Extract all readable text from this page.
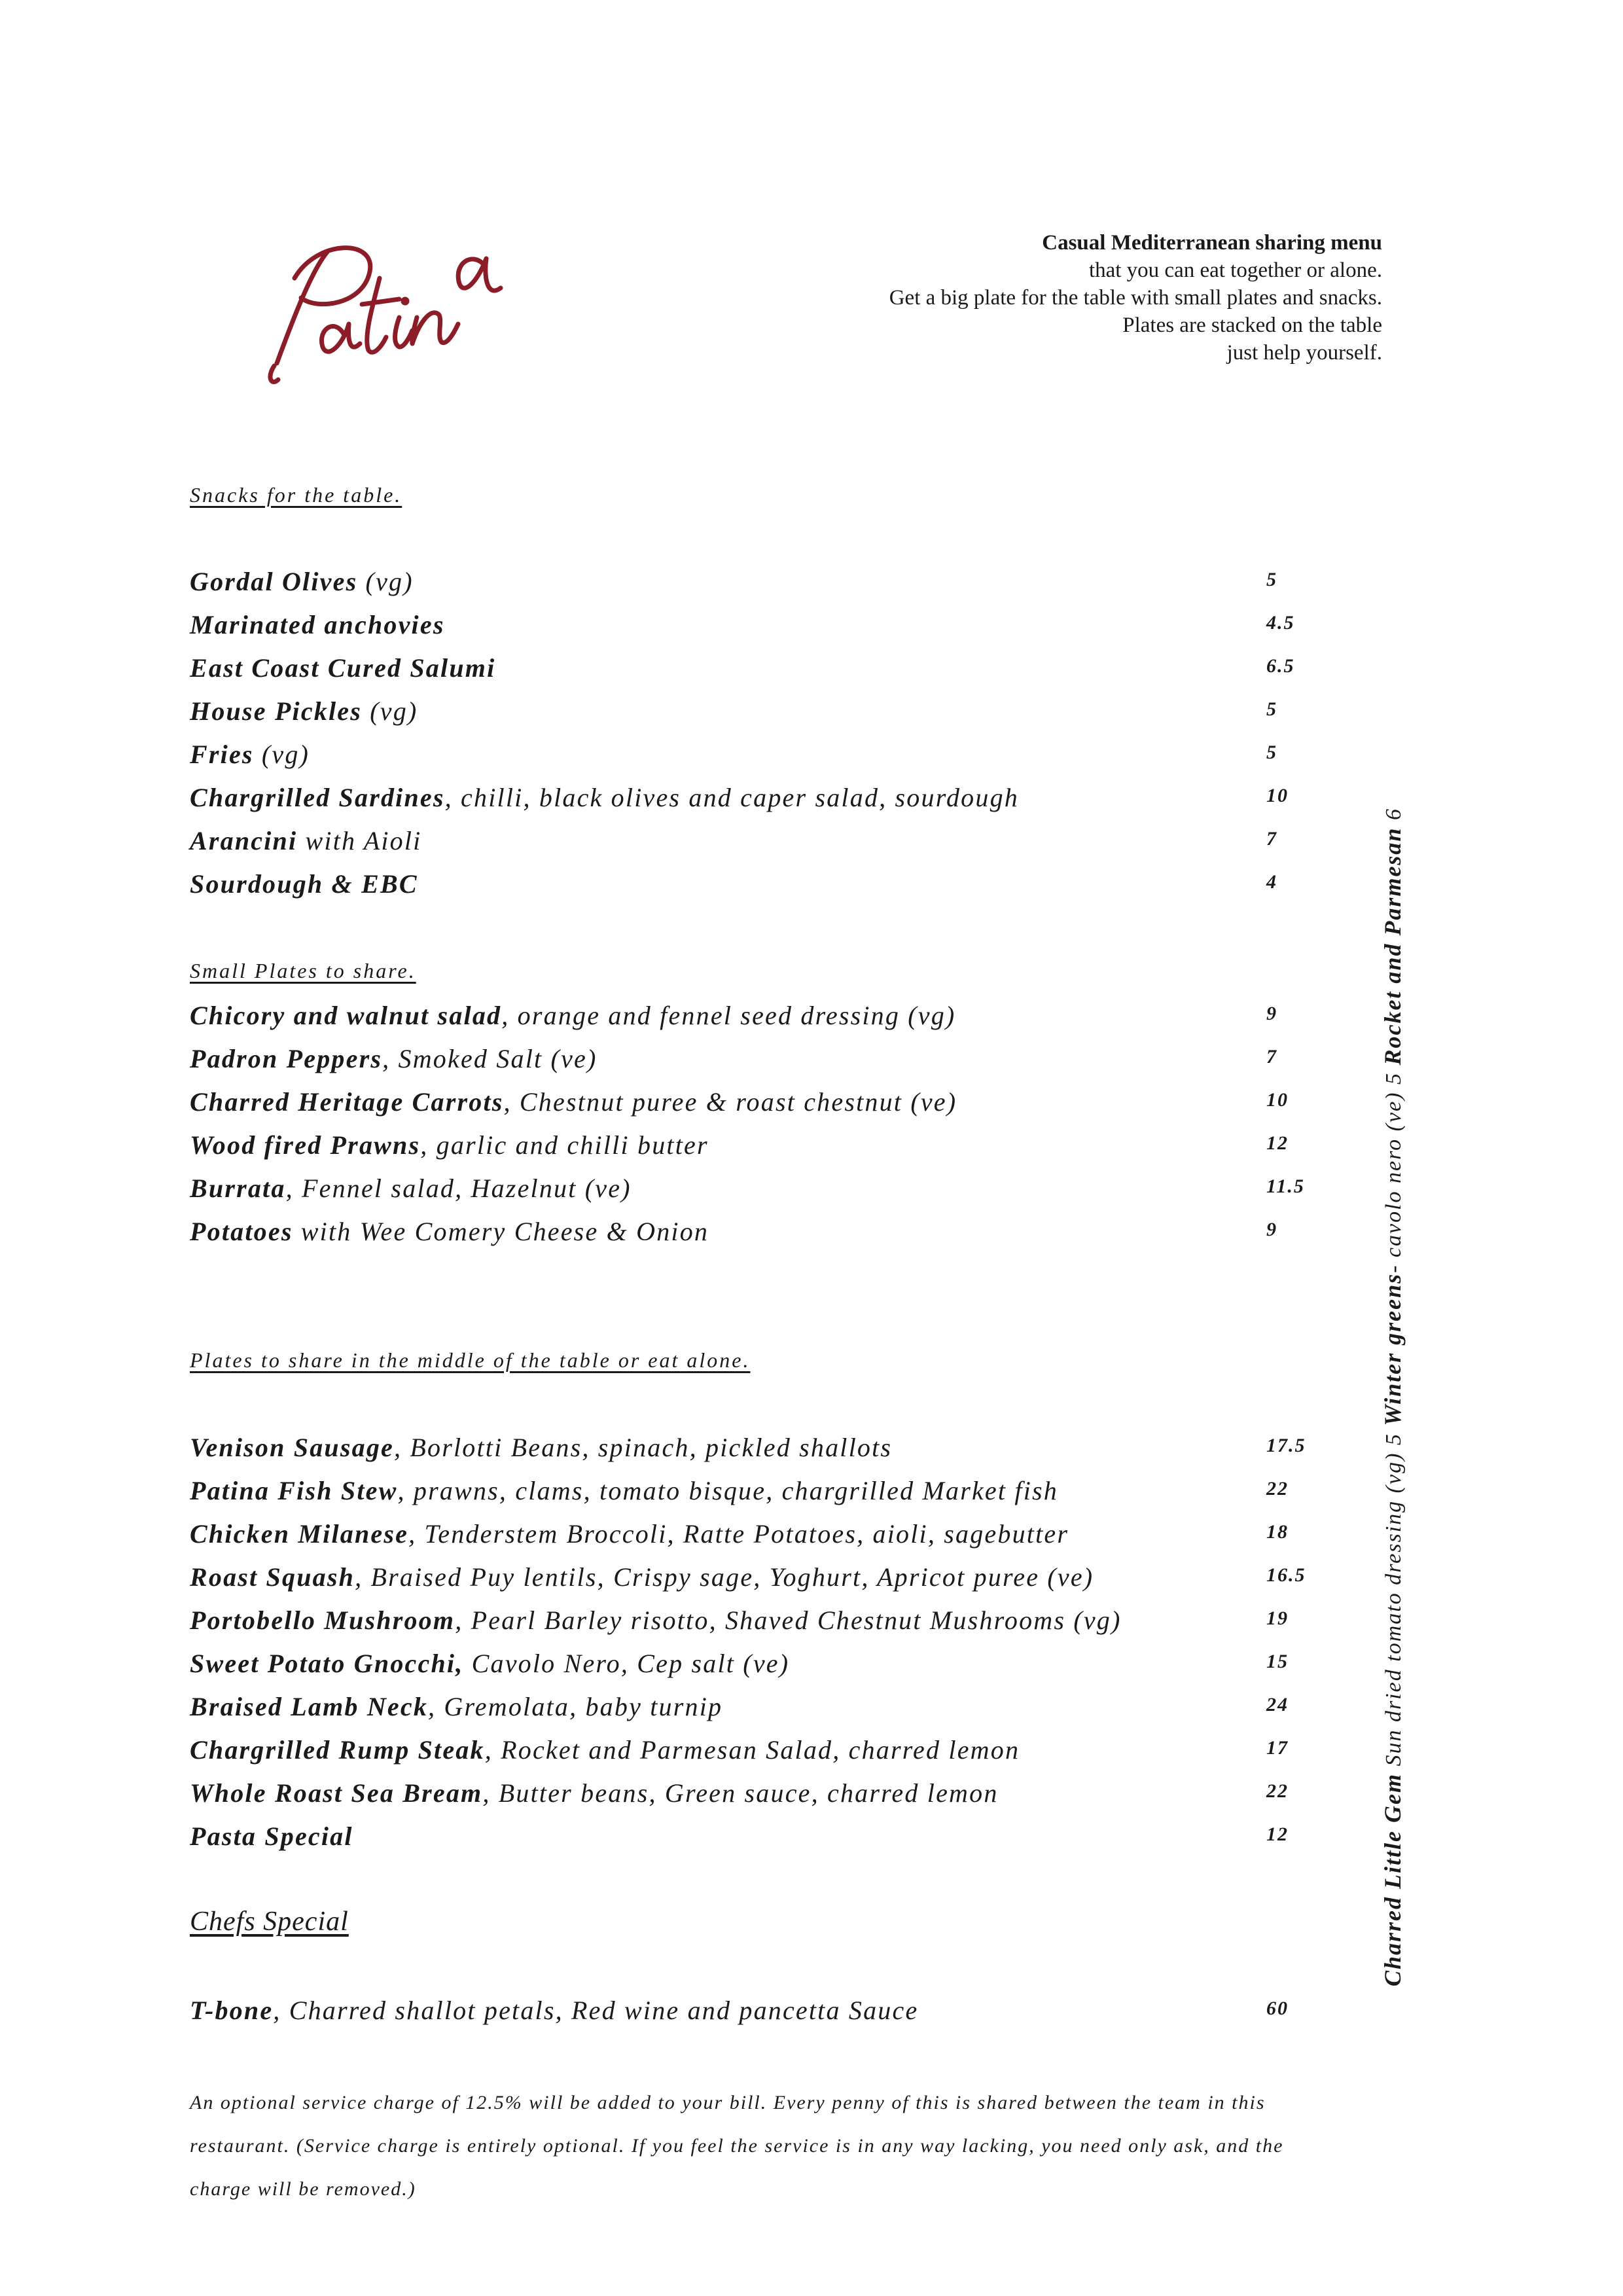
Casual Mediterranean sharing menu
that you can eat together or alone.
Get a big plate for the table with small plates and snacks.
Plates are stacked on the table
just help yourself.
Snacks for the table.
Gordal Olives (vg)	5
Marinated anchovies	4.5
East Coast Cured Salumi	6.5
House Pickles (vg)	5
Fries (vg)	5
Chargrilled Sardines, chilli, black olives and caper salad, sourdough	10
Arancini with Aioli	7
Sourdough & EBC	4
Small Plates to share.
Chicory and walnut salad, orange and fennel seed dressing (vg)	9
Padron Peppers, Smoked Salt (ve)	7
Charred Heritage Carrots, Chestnut puree & roast chestnut (ve)	10
Wood fired Prawns, garlic and chilli butter	12
Burrata, Fennel salad, Hazelnut (ve)	11.5
Potatoes with Wee Comery Cheese & Onion	9
Plates to share in the middle of the table or eat alone.
Venison Sausage, Borlotti Beans, spinach, pickled shallots	17.5
Patina Fish Stew, prawns, clams, tomato bisque, chargrilled Market fish	22
Chicken Milanese, Tenderstem Broccoli, Ratte Potatoes, aioli, sagebutter	18
Roast Squash, Braised Puy lentils, Crispy sage, Yoghurt, Apricot puree (ve)	16.5
Portobello Mushroom, Pearl Barley risotto, Shaved Chestnut Mushrooms (vg)	19
Sweet Potato Gnocchi, Cavolo Nero, Cep salt (ve)	15
Braised Lamb Neck, Gremolata, baby turnip	24
Chargrilled Rump Steak, Rocket and Parmesan Salad, charred lemon	17
Whole Roast Sea Bream, Butter beans, Green sauce, charred lemon	22
Pasta Special	12
Chefs Special
T-bone, Charred shallot petals, Red wine and pancetta Sauce	60
An optional service charge of 12.5% will be added to your bill. Every penny of this is shared between the team in this restaurant. (Service charge is entirely optional. If you feel the service is in any way lacking, you need only ask, and the charge will be removed.)
Charred Little Gem Sun dried tomato dressing (vg) 5 Winter greens- cavolo nero (ve) 5 Rocket and Parmesan 6
